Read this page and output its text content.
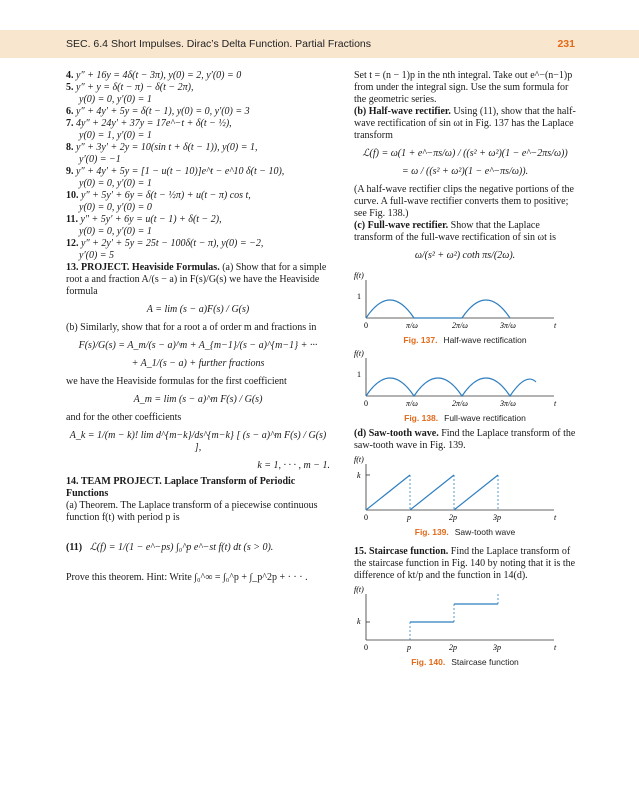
SEC. 6.4 Short Impulses. Dirac’s Delta Function. Partial Fractions	231

4. y″ + 16y = 4δ(t − 3π), y(0) = 2, y′(0) = 0

5. y″ + y = δ(t − π) − δ(t − 2π),

y(0) = 0, y′(0) = 1

6. y″ + 4y′ + 5y = δ(t − 1), y(0) = 0, y′(0) = 3

7. 4y″ + 24y′ + 37y = 17e^−t + δ(t − ½),

y(0) = 1, y′(0) = 1

8. y″ + 3y′ + 2y = 10(sin t + δ(t − 1)), y(0) = 1,

y′(0) = −1

9. y″ + 4y′ + 5y = [1 − u(t − 10)]e^t − e^10 δ(t − 10),

y(0) = 0, y′(0) = 1

10. y″ + 5y′ + 6y = δ(t − ½π) + u(t − π) cos t,

y(0) = 0, y′(0) = 0

11. y″ + 5y′ + 6y = u(t − 1) + δ(t − 2),

y(0) = 0, y′(0) = 1

12. y″ + 2y′ + 5y = 25t − 100δ(t − π), y(0) = −2,

y′(0) = 5

13. PROJECT. Heaviside Formulas. (a) Show that for a simple root a and fraction A/(s − a) in F(s)/G(s) we have the Heaviside formula

A = lim (s − a)F(s) / G(s)

(b) Similarly, show that for a root a of order m and fractions in

F(s)/G(s) = A_m/(s − a)^m + A_{m−1}/(s − a)^{m−1} + ···

+ A_1/(s − a) + further fractions

we have the Heaviside formulas for the first coefficient

A_m = lim (s − a)^m F(s) / G(s)

and for the other coefficients

A_k = 1/(m − k)! lim d^{m−k}/ds^{m−k} [ (s − a)^m F(s) / G(s) ],

k = 1, · · · , m − 1.

14. TEAM PROJECT. Laplace Transform of Periodic Functions

(a) Theorem. The Laplace transform of a piecewise continuous function f(t) with period p is

(11) ℒ(f) = 1/(1 − e^−ps) ∫₀^p e^−st f(t) dt (s > 0).

Prove this theorem. Hint: Write ∫₀^∞ = ∫₀^p + ∫_p^2p + · · · .

Set t = (n − 1)p in the nth integral. Take out e^−(n−1)p from under the integral sign. Use the sum formula for the geometric series.

(b) Half-wave rectifier. Using (11), show that the half-wave rectification of sin ωt in Fig. 137 has the Laplace transform

ℒ(f) = ω(1 + e^−πs/ω) / ((s² + ω²)(1 − e^−2πs/ω))

= ω / ((s² + ω²)(1 − e^−πs/ω)).

(A half-wave rectifier clips the negative portions of the curve. A full-wave rectifier converts them to positive; see Fig. 138.)

(c) Full-wave rectifier. Show that the Laplace transform of the full-wave rectification of sin ωt is

ω/(s² + ω²) coth πs/(2ω).

f(t)
1
0	π/ω	2π/ω	3π/ω	t

Fig. 137. Half-wave rectification

f(t)
1
0	π/ω	2π/ω	3π/ω	t

Fig. 138. Full-wave rectification

(d) Saw-tooth wave. Find the Laplace transform of the saw-tooth wave in Fig. 139.

f(t)
k
0	p	2p	3p	t

Fig. 139. Saw-tooth wave

15. Staircase function. Find the Laplace transform of the staircase function in Fig. 140 by noting that it is the difference of kt/p and the function in 14(d).

f(t)
k
0	p	2p	3p	t

Fig. 140. Staircase function
